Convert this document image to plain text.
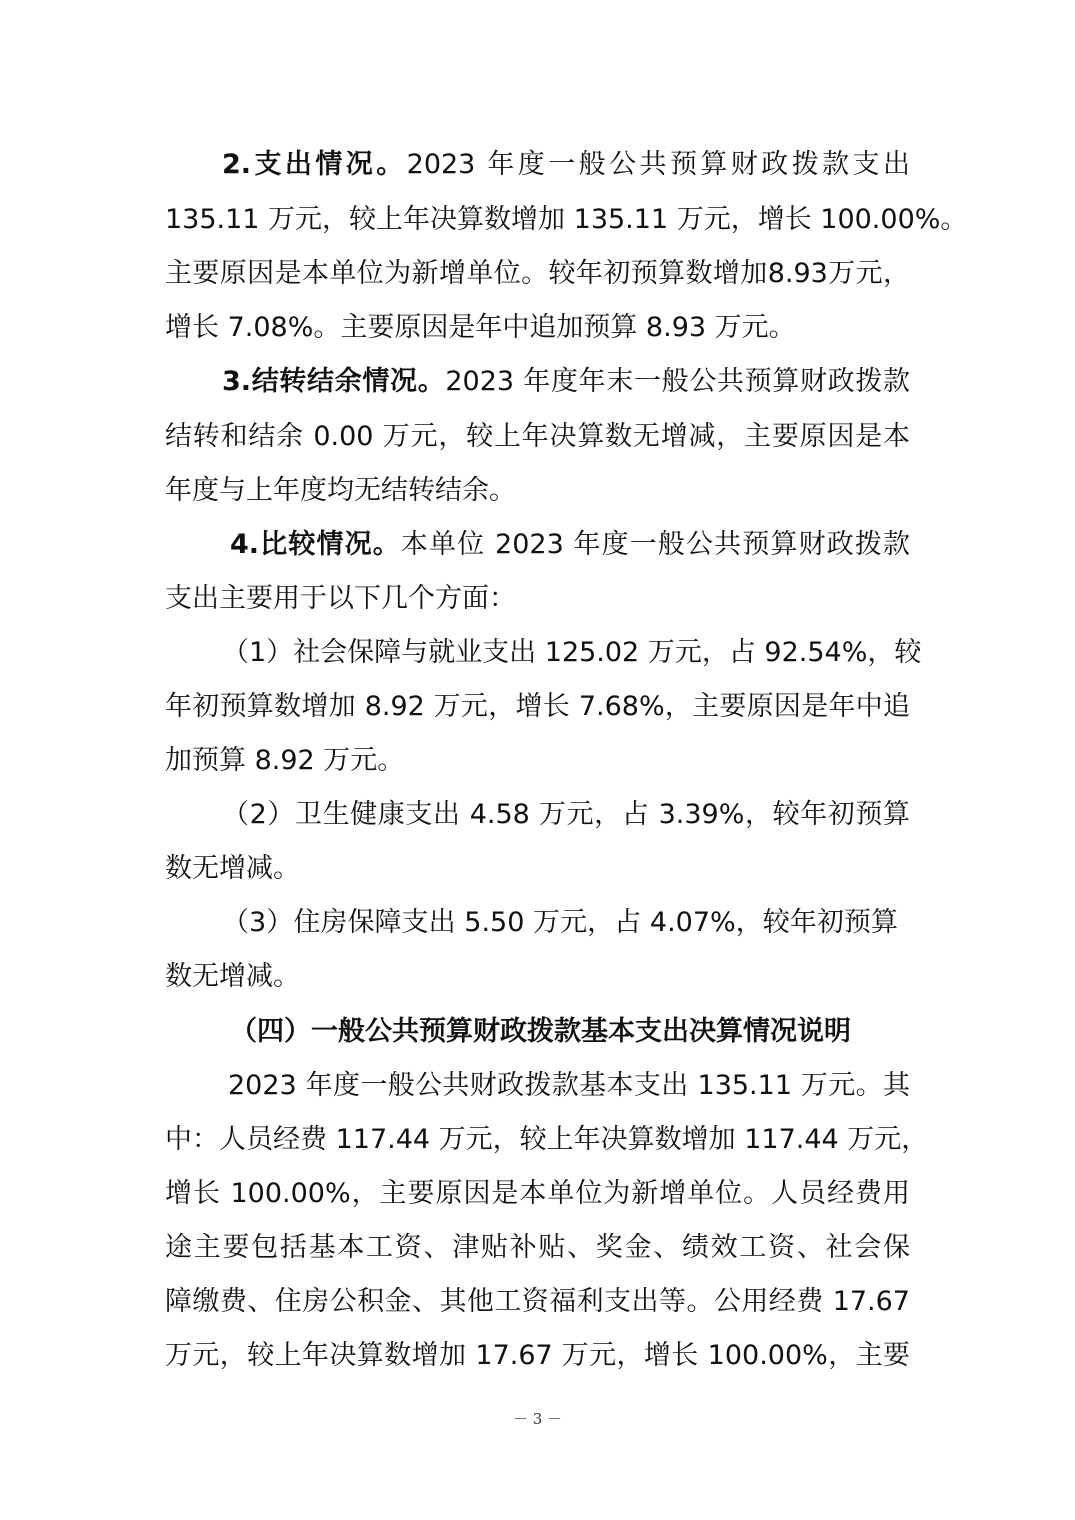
2.支出情况。2023 年度一般公共预算财政拨款支出
135.11 万元，较上年决算数增加 135.11 万元，增长 100.00%。
主要原因是本单位为新增单位。较年初预算数增加8.93万元，
增长 7.08%。主要原因是年中追加预算 8.93 万元。
3.结转结余情况。2023 年度年末一般公共预算财政拨款
结转和结余 0.00 万元，较上年决算数无增减，主要原因是本
年度与上年度均无结转结余。
4.比较情况。本单位 2023 年度一般公共预算财政拨款
支出主要用于以下几个方面：
（1）社会保障与就业支出 125.02 万元，占 92.54%，较
年初预算数增加 8.92 万元，增长 7.68%，主要原因是年中追
加预算 8.92 万元。
（2）卫生健康支出 4.58 万元，占 3.39%，较年初预算
数无增减。
（3）住房保障支出 5.50 万元，占 4.07%，较年初预算
数无增减。
（四）一般公共预算财政拨款基本支出决算情况说明
2023 年度一般公共财政拨款基本支出 135.11 万元。其
中：人员经费 117.44 万元，较上年决算数增加 117.44 万元，
增长 100.00%，主要原因是本单位为新增单位。人员经费用
途主要包括基本工资、津贴补贴、奖金、绩效工资、社会保
障缴费、住房公积金、其他工资福利支出等。公用经费 17.67
万元，较上年决算数增加 17.67 万元，增长 100.00%，主要
－ 3 －
